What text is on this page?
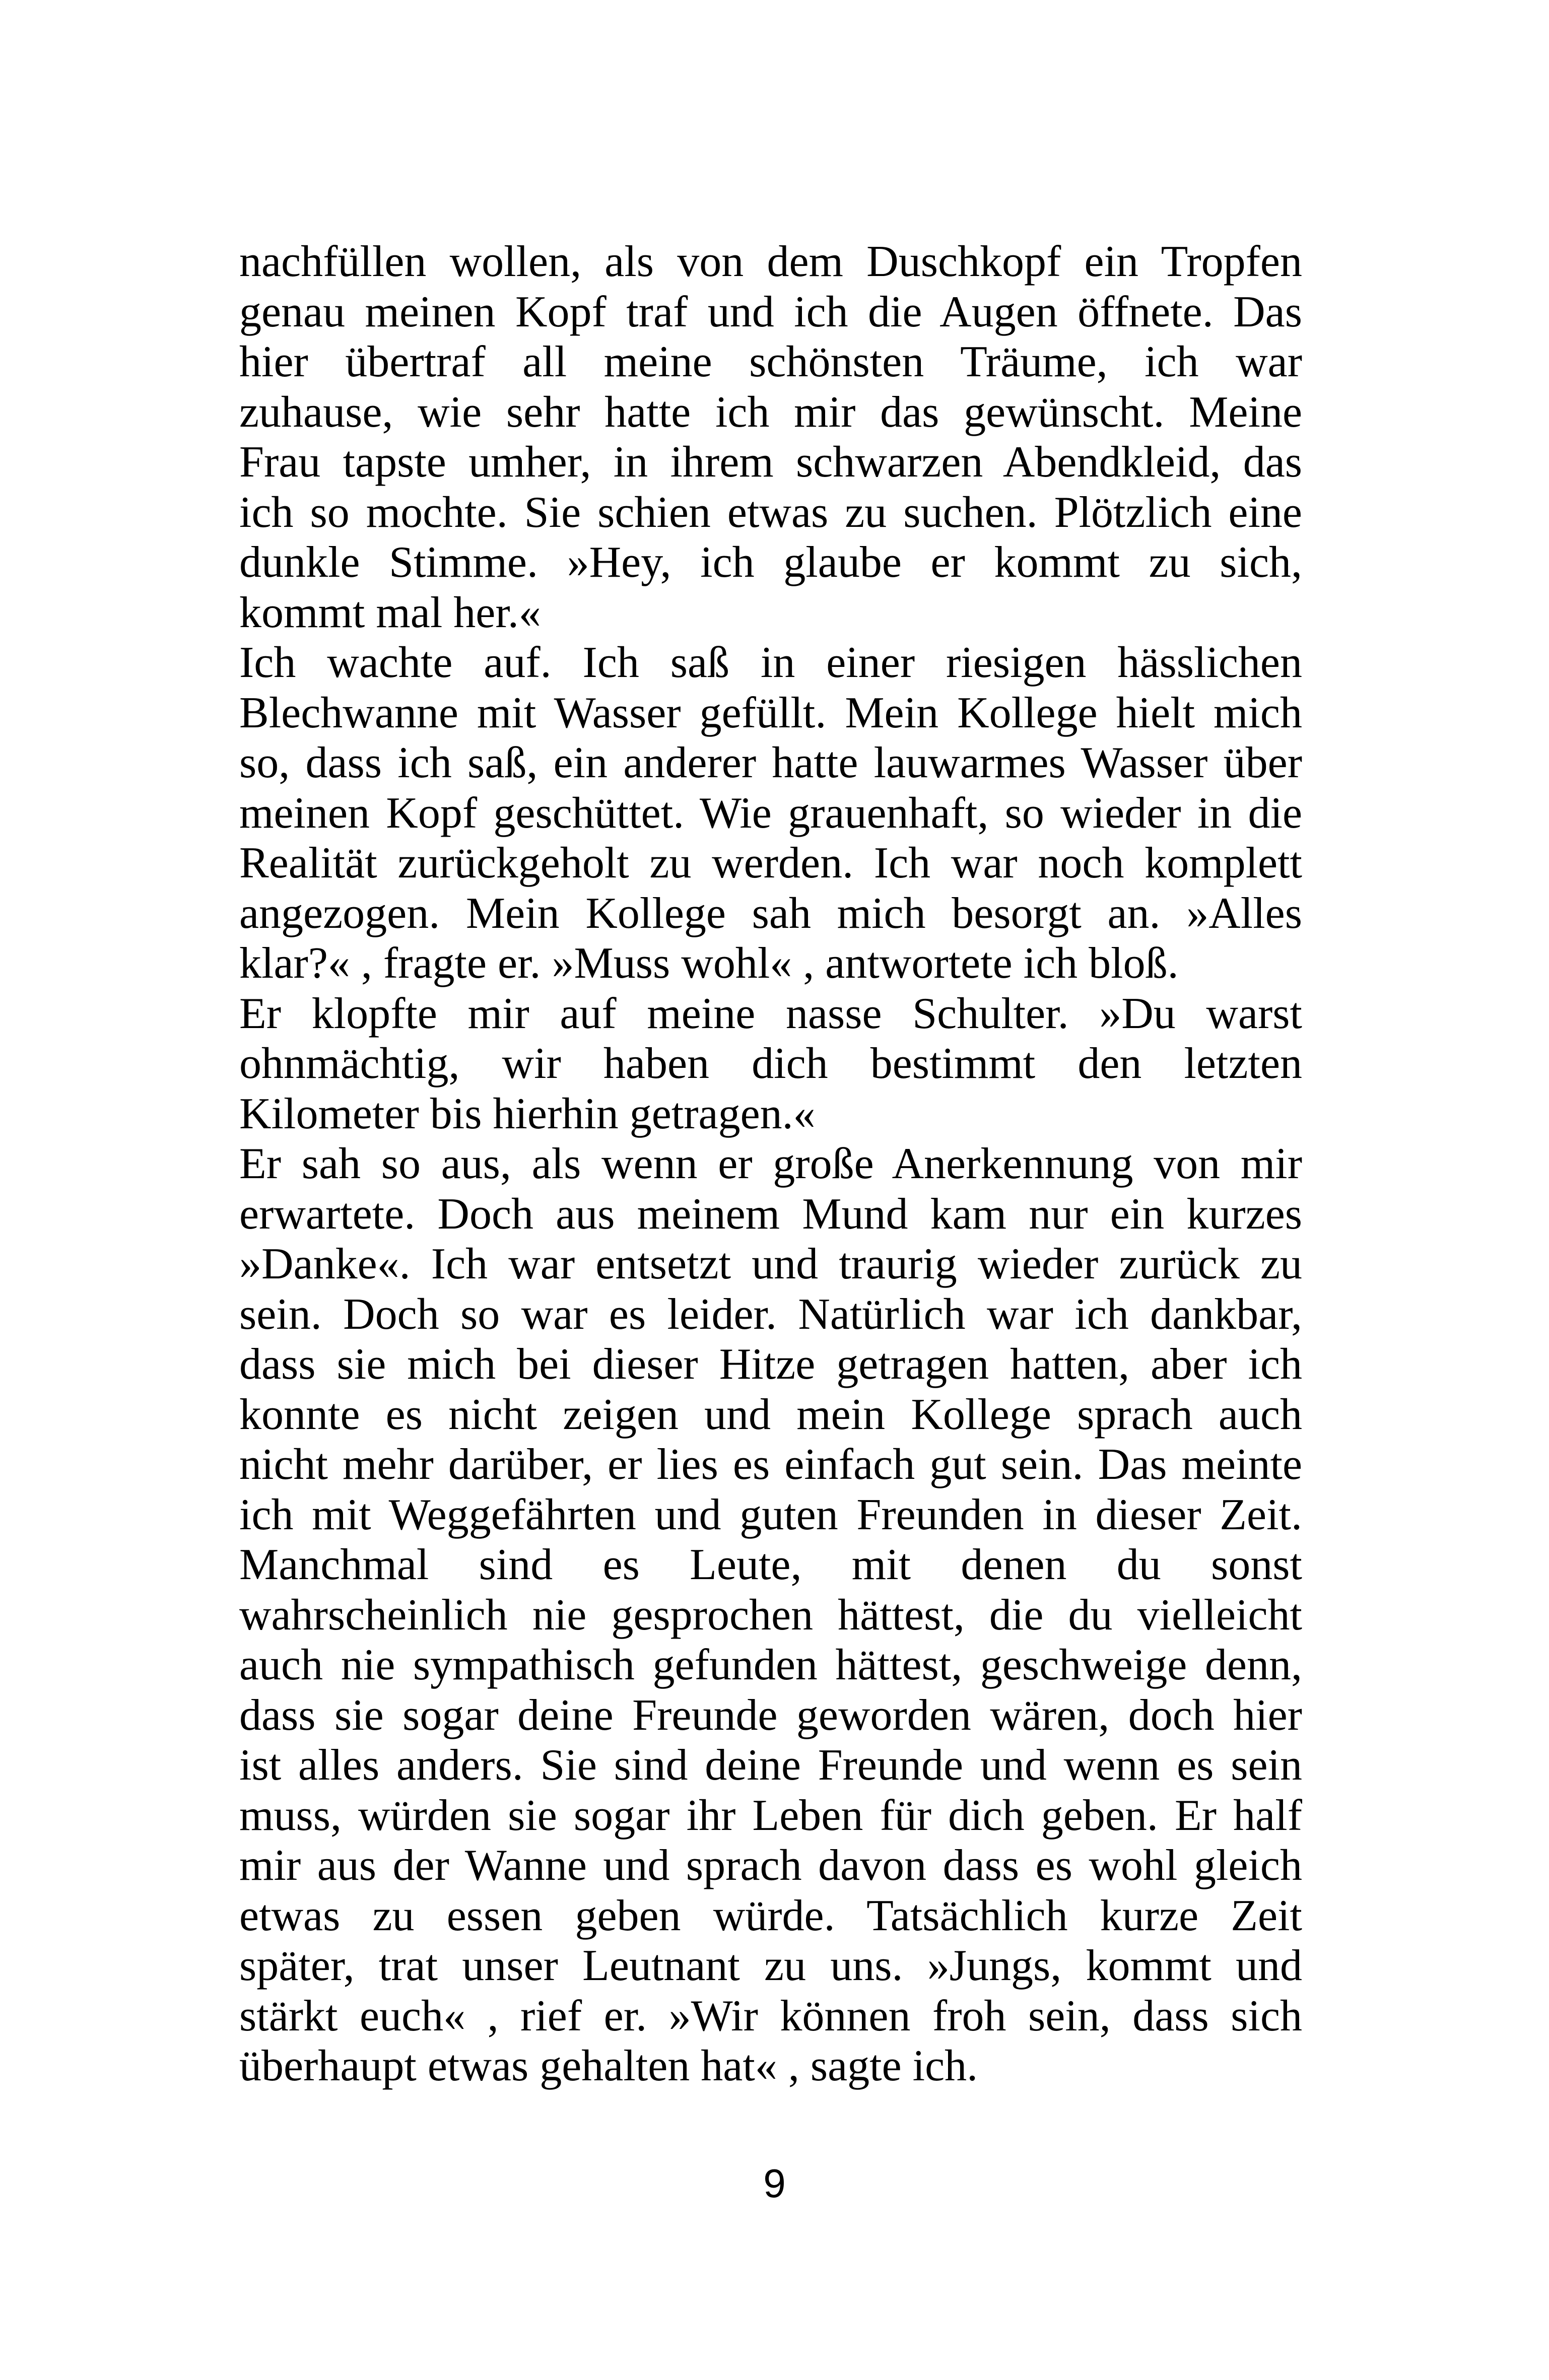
nachfüllen wollen, als von dem Duschkopf ein Tropfen
genau meinen Kopf traf und ich die Augen öffnete. Das
hier übertraf all meine schönsten Träume, ich war
zuhause, wie sehr hatte ich mir das gewünscht. Meine
Frau tapste umher, in ihrem schwarzen Abendkleid, das
ich so mochte. Sie schien etwas zu suchen. Plötzlich eine
dunkle Stimme. »Hey, ich glaube er kommt zu sich,
kommt mal her.«
Ich wachte auf. Ich saß in einer riesigen hässlichen
Blechwanne mit Wasser gefüllt. Mein Kollege hielt mich
so, dass ich saß, ein anderer hatte lauwarmes Wasser über
meinen Kopf geschüttet. Wie grauenhaft, so wieder in die
Realität zurückgeholt zu werden. Ich war noch komplett
angezogen. Mein Kollege sah mich besorgt an. »Alles
klar?« , fragte er. »Muss wohl« , antwortete ich bloß.
Er klopfte mir auf meine nasse Schulter. »Du warst
ohnmächtig, wir haben dich bestimmt den letzten
Kilometer bis hierhin getragen.«
Er sah so aus, als wenn er große Anerkennung von mir
erwartete. Doch aus meinem Mund kam nur ein kurzes
»Danke«. Ich war entsetzt und traurig wieder zurück zu
sein. Doch so war es leider. Natürlich war ich dankbar,
dass sie mich bei dieser Hitze getragen hatten, aber ich
konnte es nicht zeigen und mein Kollege sprach auch
nicht mehr darüber, er lies es einfach gut sein. Das meinte
ich mit Weggefährten und guten Freunden in dieser Zeit.
Manchmal sind es Leute, mit denen du sonst
wahrscheinlich nie gesprochen hättest, die du vielleicht
auch nie sympathisch gefunden hättest, geschweige denn,
dass sie sogar deine Freunde geworden wären, doch hier
ist alles anders. Sie sind deine Freunde und wenn es sein
muss, würden sie sogar ihr Leben für dich geben. Er half
mir aus der Wanne und sprach davon dass es wohl gleich
etwas zu essen geben würde. Tatsächlich kurze Zeit
später, trat unser Leutnant zu uns. »Jungs, kommt und
stärkt euch« , rief er. »Wir können froh sein, dass sich
überhaupt etwas gehalten hat« , sagte ich.
9
